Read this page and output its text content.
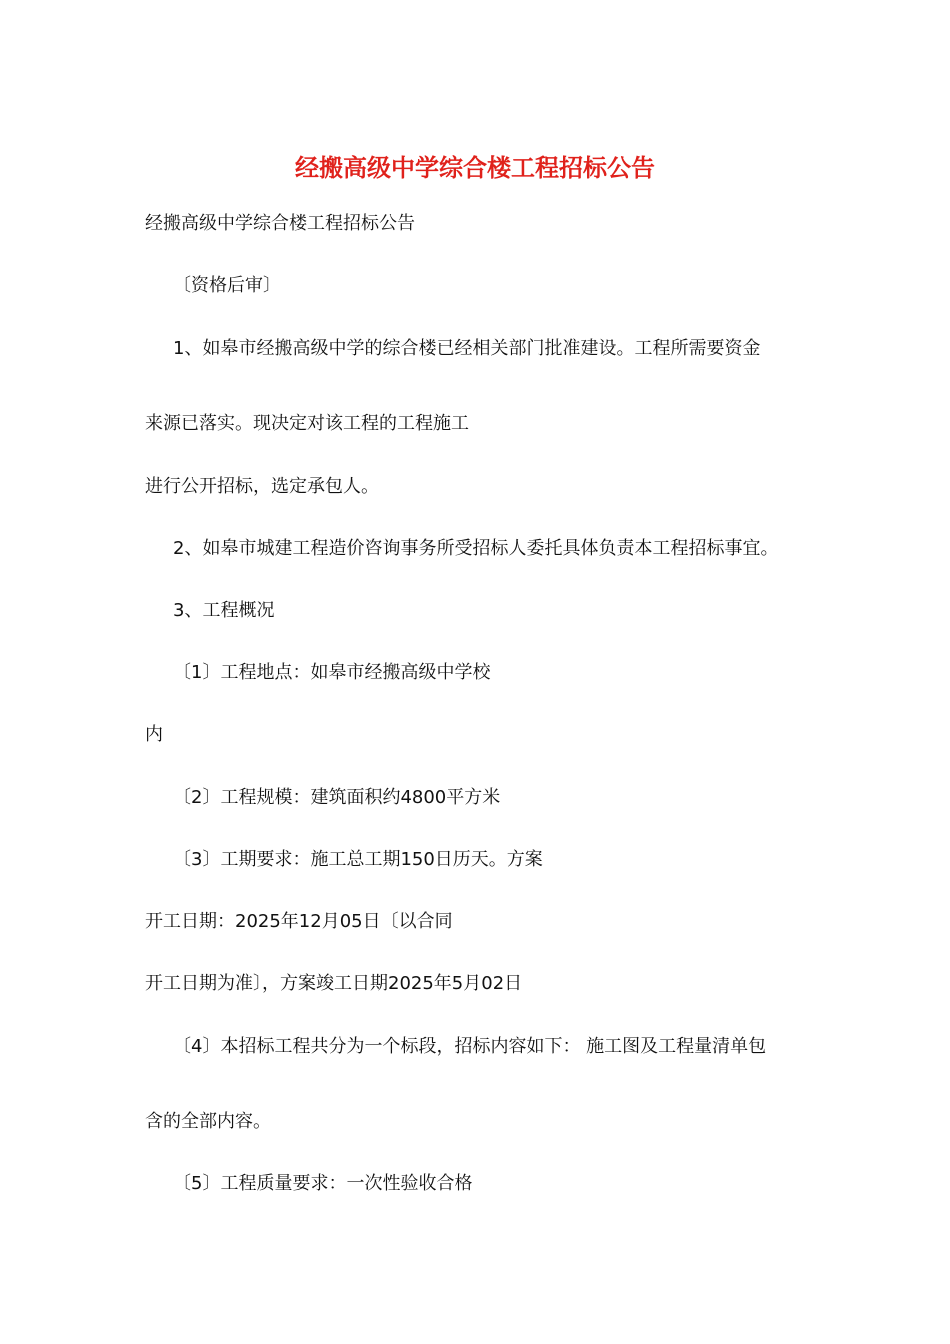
经搬高级中学综合楼工程招标公告
经搬高级中学综合楼工程招标公告
〔资格后审〕
1、如皋市经搬高级中学的综合楼已经相关部门批准建设。工程所需要资金
来源已落实。现决定对该工程的工程施工
进行公开招标，选定承包人。
2、如皋市城建工程造价咨询事务所受招标人委托具体负责本工程招标事宜。
3、工程概况
〔1〕工程地点：如皋市经搬高级中学校
内
〔2〕工程规模：建筑面积约4800平方米
〔3〕工期要求：施工总工期150日历天。方案
开工日期：2025年12月05日〔以合同
开工日期为准〕，方案竣工日期2025年5月02日
〔4〕本招标工程共分为一个标段，招标内容如下： 施工图及工程量清单包
含的全部内容。
〔5〕工程质量要求：一次性验收合格
